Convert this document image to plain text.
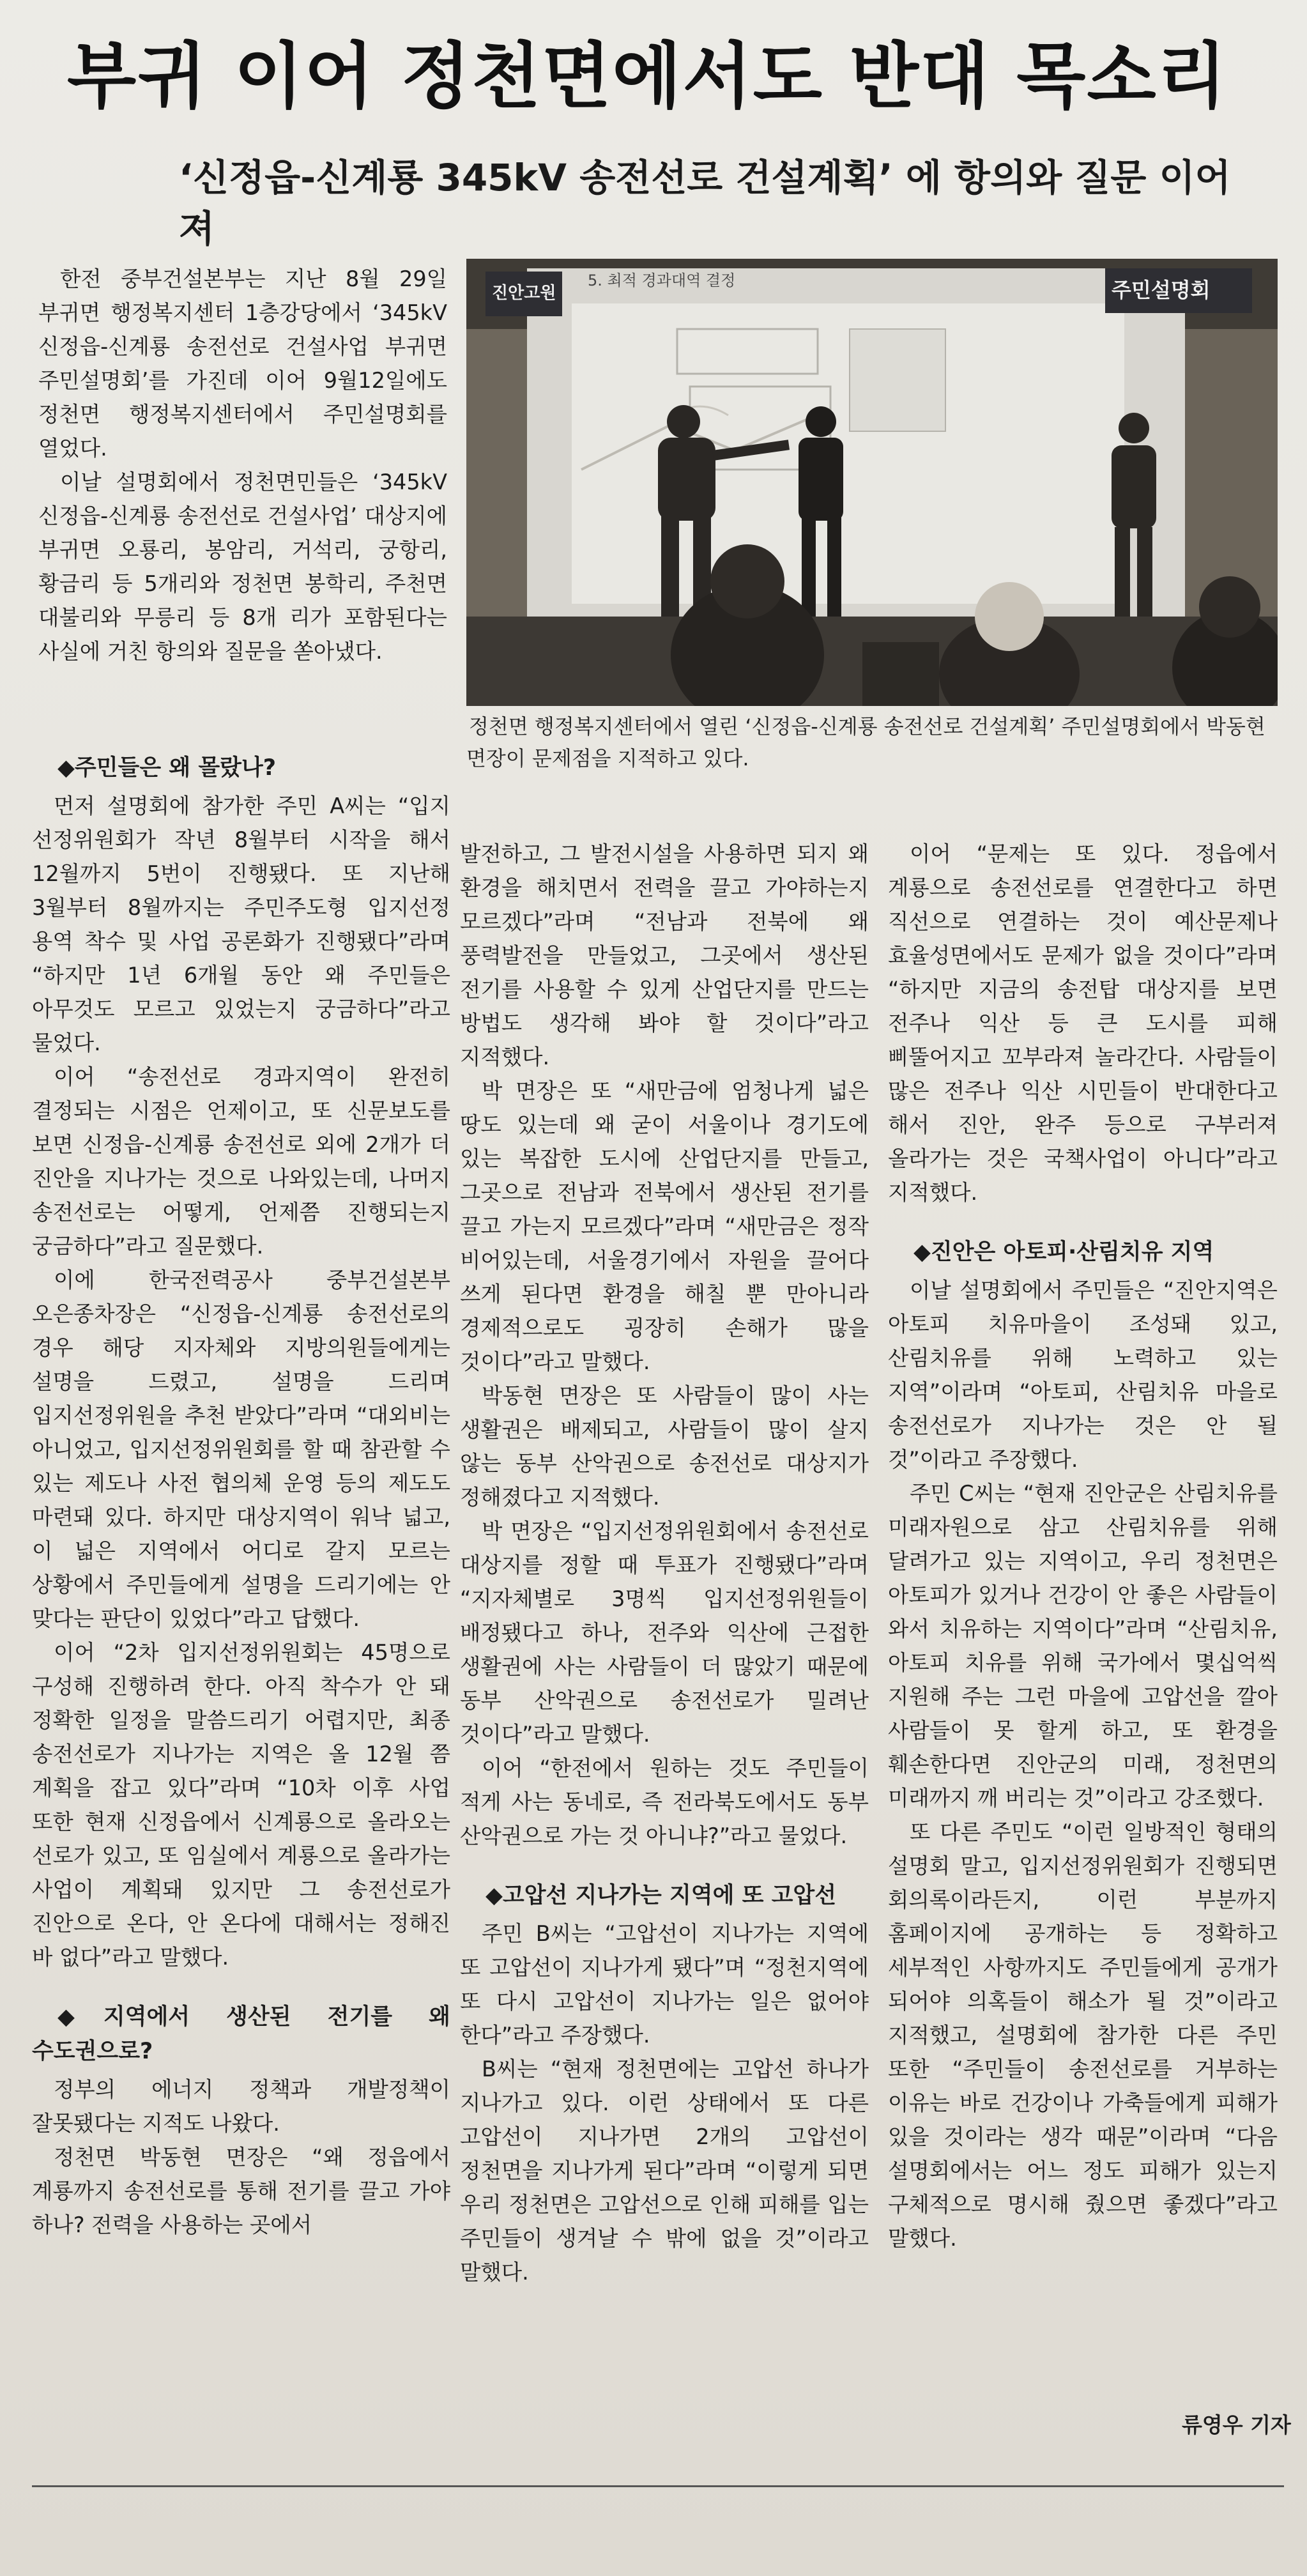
부귀 이어 정천면에서도 반대 목소리
‘신정읍-신계룡 345kV 송전선로 건설계획’ 에 항의와 질문 이어져

한전 중부건설본부는 지난 8월 29일 부귀면 행정복지센터 1층강당에서 ‘345kV 신정읍-신계룡 송전선로 건설사업 부귀면 주민설명회’를 가진데 이어 9월12일에도 정천면 행정복지센터에서 주민설명회를 열었다.

이날 설명회에서 정천면민들은 ‘345kV 신정읍-신계룡 송전선로 건설사업’ 대상지에 부귀면 오룡리, 봉암리, 거석리, 궁항리, 황금리 등 5개리와 정천면 봉학리, 주천면 대불리와 무릉리 등 8개 리가 포함된다는 사실에 거친 항의와 질문을 쏟아냈다.

진안고원
5. 최적 경과대역 결정	주민설명회
정천면 행정복지센터에서 열린 ‘신정읍-신계룡 송전선로 건설계획’ 주민설명회에서 박동현 면장이 문제점을 지적하고 있다.
◆주민들은 왜 몰랐나?

먼저 설명회에 참가한 주민 A씨는 “입지 선정위원회가 작년 8월부터 시작을 해서 12월까지 5번이 진행됐다. 또 지난해 3월부터 8월까지는 주민주도형 입지선정 용역 착수 및 사업 공론화가 진행됐다”라며 “하지만 1년 6개월 동안 왜 주민들은 아무것도 모르고 있었는지 궁금하다”라고 물었다.

이어 “송전선로 경과지역이 완전히 결정되는 시점은 언제이고, 또 신문보도를 보면 신정읍-신계룡 송전선로 외에 2개가 더 진안을 지나가는 것으로 나와있는데, 나머지 송전선로는 어떻게, 언제쯤 진행되는지 궁금하다”라고 질문했다.

이에 한국전력공사 중부건설본부 오은종차장은 “신정읍-신계룡 송전선로의 경우 해당 지자체와 지방의원들에게는 설명을 드렸고, 설명을 드리며 입지선정위원을 추천 받았다”라며 “대외비는 아니었고, 입지선정위원회를 할 때 참관할 수 있는 제도나 사전 협의체 운영 등의 제도도 마련돼 있다. 하지만 대상지역이 워낙 넓고, 이 넓은 지역에서 어디로 갈지 모르는 상황에서 주민들에게 설명을 드리기에는 안 맞다는 판단이 있었다”라고 답했다.

이어 “2차 입지선정위원회는 45명으로 구성해 진행하려 한다. 아직 착수가 안 돼 정확한 일정을 말씀드리기 어렵지만, 최종 송전선로가 지나가는 지역은 올 12월 쯤 계획을 잡고 있다”라며 “10차 이후 사업 또한 현재 신정읍에서 신계룡으로 올라오는 선로가 있고, 또 임실에서 계룡으로 올라가는 사업이 계획돼 있지만 그 송전선로가 진안으로 온다, 안 온다에 대해서는 정해진 바 없다”라고 말했다.

◆지역에서 생산된 전기를 왜 수도권으로?

정부의 에너지 정책과 개발정책이 잘못됐다는 지적도 나왔다.

정천면 박동현 면장은 “왜 정읍에서 계룡까지 송전선로를 통해 전기를 끌고 가야 하나? 전력을 사용하는 곳에서

발전하고, 그 발전시설을 사용하면 되지 왜 환경을 해치면서 전력을 끌고 가야하는지 모르겠다”라며 “전남과 전북에 왜 풍력발전을 만들었고, 그곳에서 생산된 전기를 사용할 수 있게 산업단지를 만드는 방법도 생각해 봐야 할 것이다”라고 지적했다.

박 면장은 또 “새만금에 엄청나게 넓은 땅도 있는데 왜 굳이 서울이나 경기도에 있는 복잡한 도시에 산업단지를 만들고, 그곳으로 전남과 전북에서 생산된 전기를 끌고 가는지 모르겠다”라며 “새만금은 정작 비어있는데, 서울경기에서 자원을 끌어다 쓰게 된다면 환경을 해칠 뿐 만아니라 경제적으로도 굉장히 손해가 많을 것이다”라고 말했다.

박동현 면장은 또 사람들이 많이 사는 생활권은 배제되고, 사람들이 많이 살지 않는 동부 산악권으로 송전선로 대상지가 정해졌다고 지적했다.

박 면장은 “입지선정위원회에서 송전선로 대상지를 정할 때 투표가 진행됐다”라며 “지자체별로 3명씩 입지선정위원들이 배정됐다고 하나, 전주와 익산에 근접한 생활권에 사는 사람들이 더 많았기 때문에 동부 산악권으로 송전선로가 밀려난 것이다”라고 말했다.

이어 “한전에서 원하는 것도 주민들이 적게 사는 동네로, 즉 전라북도에서도 동부 산악권으로 가는 것 아니냐?”라고 물었다.

◆고압선 지나가는 지역에 또 고압선

주민 B씨는 “고압선이 지나가는 지역에 또 고압선이 지나가게 됐다”며 “정천지역에 또 다시 고압선이 지나가는 일은 없어야 한다”라고 주장했다.

B씨는 “현재 정천면에는 고압선 하나가 지나가고 있다. 이런 상태에서 또 다른 고압선이 지나가면 2개의 고압선이 정천면을 지나가게 된다”라며 “이렇게 되면 우리 정천면은 고압선으로 인해 피해를 입는 주민들이 생겨날 수 밖에 없을 것”이라고 말했다.

이어 “문제는 또 있다. 정읍에서 계룡으로 송전선로를 연결한다고 하면 직선으로 연결하는 것이 예산문제나 효율성면에서도 문제가 없을 것이다”라며 “하지만 지금의 송전탑 대상지를 보면 전주나 익산 등 큰 도시를 피해 삐뚤어지고 꼬부라져 놀라간다. 사람들이 많은 전주나 익산 시민들이 반대한다고 해서 진안, 완주 등으로 구부러져 올라가는 것은 국책사업이 아니다”라고 지적했다.

◆진안은 아토피·산림치유 지역

이날 설명회에서 주민들은 “진안지역은 아토피 치유마을이 조성돼 있고, 산림치유를 위해 노력하고 있는 지역”이라며 “아토피, 산림치유 마을로 송전선로가 지나가는 것은 안 될 것”이라고 주장했다.

주민 C씨는 “현재 진안군은 산림치유를 미래자원으로 삼고 산림치유를 위해 달려가고 있는 지역이고, 우리 정천면은 아토피가 있거나 건강이 안 좋은 사람들이 와서 치유하는 지역이다”라며 “산림치유, 아토피 치유를 위해 국가에서 몇십억씩 지원해 주는 그런 마을에 고압선을 깔아 사람들이 못 할게 하고, 또 환경을 훼손한다면 진안군의 미래, 정천면의 미래까지 깨 버리는 것”이라고 강조했다.

또 다른 주민도 “이런 일방적인 형태의 설명회 말고, 입지선정위원회가 진행되면 회의록이라든지, 이런 부분까지 홈페이지에 공개하는 등 정확하고 세부적인 사항까지도 주민들에게 공개가 되어야 의혹들이 해소가 될 것”이라고 지적했고, 설명회에 참가한 다른 주민 또한 “주민들이 송전선로를 거부하는 이유는 바로 건강이나 가축들에게 피해가 있을 것이라는 생각 때문”이라며 “다음 설명회에서는 어느 정도 피해가 있는지 구체적으로 명시해 줬으면 좋겠다”라고 말했다.

류영우 기자
